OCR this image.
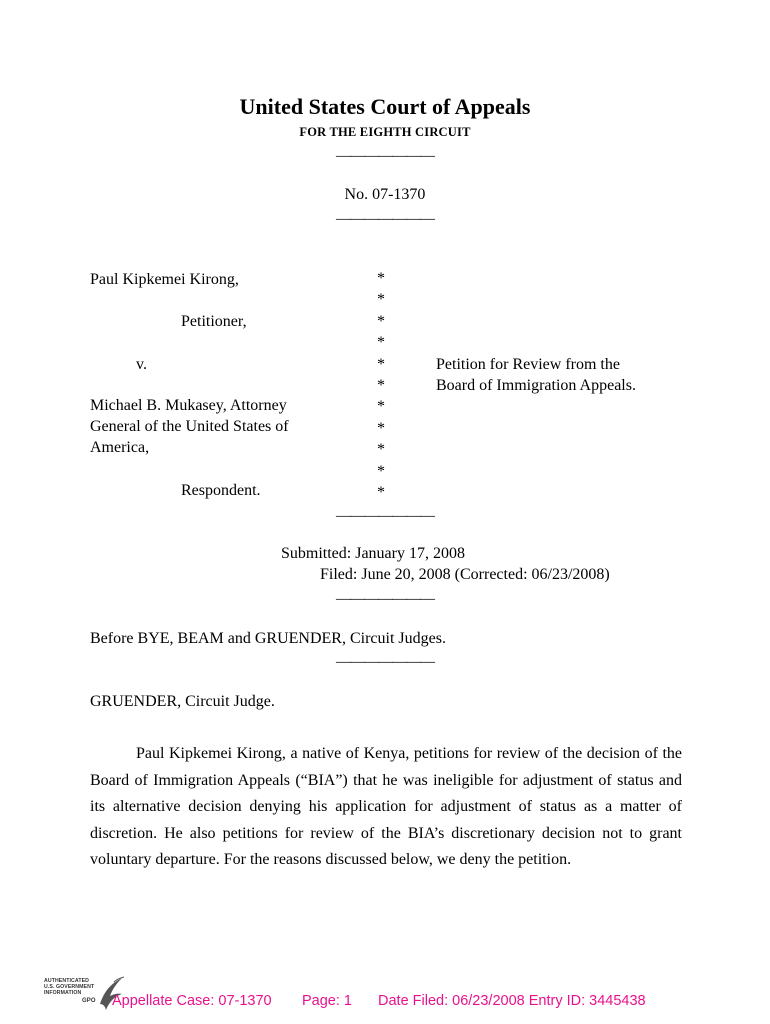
United States Court of Appeals
FOR THE EIGHTH CIRCUIT
———————
No. 07-1370
———————
Paul Kipkemei Kirong,
Petitioner,
v.
Michael B. Mukasey, Attorney
General of the United States of
America,
Respondent.
*
*
*
*
*
*
*
*
*
*
*
Petition for Review from the
Board of Immigration Appeals.
———————
Submitted: January 17, 2008
Filed: June 20, 2008 (Corrected: 06/23/2008)
———————
Before BYE, BEAM and GRUENDER, Circuit Judges.
———————
GRUENDER, Circuit Judge.
Paul Kipkemei Kirong, a native of Kenya, petitions for review of the decision of the Board of Immigration Appeals (“BIA”) that he was ineligible for adjustment of status and its alternative decision denying his application for adjustment of status as a matter of discretion. He also petitions for review of the BIA’s discretionary decision not to grant voluntary departure. For the reasons discussed below, we deny the petition.
AUTHENTICATED
U.S. GOVERNMENT
INFORMATION
GPO Appellate Case: 07-1370 Page: 1 Date Filed: 06/23/2008 Entry ID: 3445438
